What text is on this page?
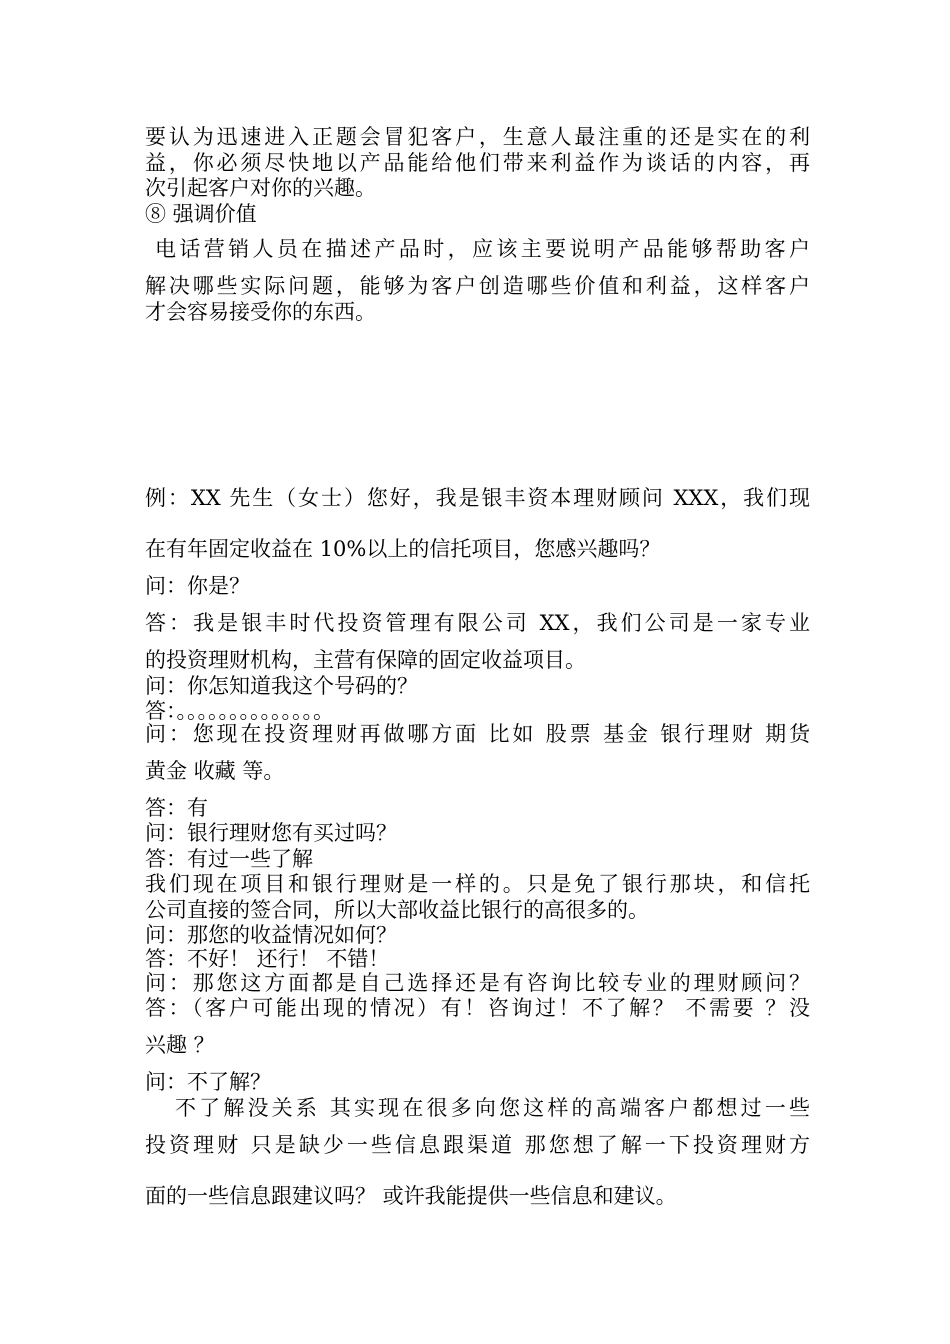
要认为迅速进入正题会冒犯客户，生意人最注重的还是实在的利

益，你必须尽快地以产品能给他们带来利益作为谈话的内容，再

次引起客户对你的兴趣。

⑧ 强调价值

电话营销人员在描述产品时，应该主要说明产品能够帮助客户

解决哪些实际问题，能够为客户创造哪些价值和利益，这样客户

才会容易接受你的东西。

例：XX 先生（女士）您好，我是银丰资本理财顾问 XXX，我们现

在有年固定收益在 10%以上的信托项目，您感兴趣吗？

问：你是？

答：我是银丰时代投资管理有限公司 XX，我们公司是一家专业

的投资理财机构，主营有保障的固定收益项目。

问：你怎知道我这个号码的？

答：。。。。。。。。。。。。。。

问：您现在投资理财再做哪方面 比如 股票 基金 银行理财 期货

黄金 收藏 等。

答：有

问：银行理财您有买过吗？

答：有过一些了解

我们现在项目和银行理财是一样的。只是免了银行那块，和信托

公司直接的签合同，所以大部收益比银行的高很多的。

问：那您的收益情况如何？

答：不好！ 还行！ 不错！

问：那您这方面都是自己选择还是有咨询比较专业的理财顾问？

答：（客户可能出现的情况）有！咨询过！不了解？ 不需要 ？没

兴趣 ？

问：不了解？

不了解没关系 其实现在很多向您这样的高端客户都想过一些

投资理财 只是缺少一些信息跟渠道 那您想了解一下投资理财方

面的一些信息跟建议吗？ 或许我能提供一些信息和建议。
